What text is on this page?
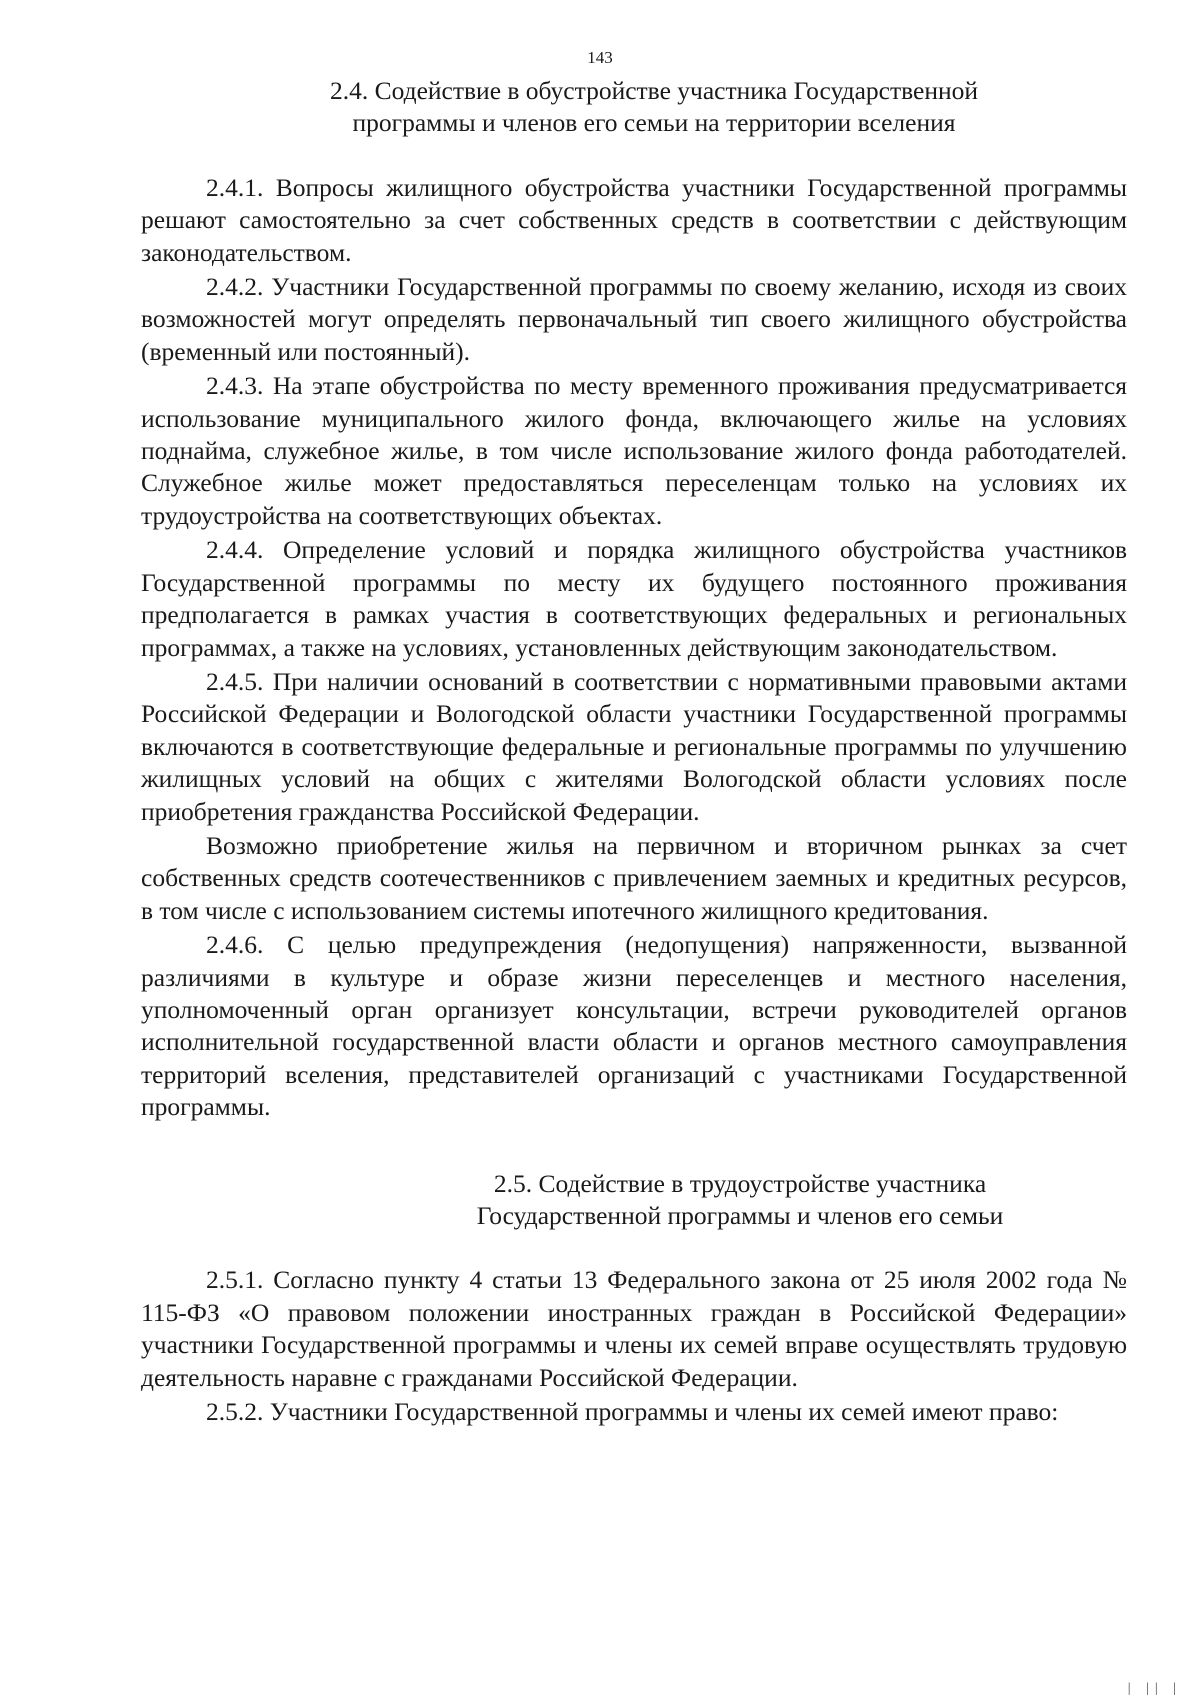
143
2.4. Содействие в обустройстве участника Государственной
программы и членов его семьи на территории вселения

2.4.1. Вопросы жилищного обустройства участники Государственной программы решают самостоятельно за счет собственных средств в соответствии с действующим законодательством.

2.4.2. Участники Государственной программы по своему желанию, исходя из своих возможностей могут определять первоначальный тип своего жилищного обустройства (временный или постоянный).

2.4.3. На этапе обустройства по месту временного проживания предусматривается использование муниципального жилого фонда, включающего жилье на условиях поднайма, служебное жилье, в том числе использование жилого фонда работодателей. Служебное жилье может предоставляться переселенцам только на условиях их трудоустройства на соответствующих объектах.

2.4.4. Определение условий и порядка жилищного обустройства участников Государственной программы по месту их будущего постоянного проживания предполагается в рамках участия в соответствующих федеральных и региональных программах, а также на условиях, установленных действующим законодательством.

2.4.5. При наличии оснований в соответствии с нормативными правовыми актами Российской Федерации и Вологодской области участники Государственной программы включаются в соответствующие федеральные и региональные программы по улучшению жилищных условий на общих с жителями Вологодской области условиях после приобретения гражданства Российской Федерации.

Возможно приобретение жилья на первичном и вторичном рынках за счет собственных средств соотечественников с привлечением заемных и кредитных ресурсов, в том числе с использованием системы ипотечного жилищного кредитования.

2.4.6. С целью предупреждения (недопущения) напряженности, вызванной различиями в культуре и образе жизни переселенцев и местного населения, уполномоченный орган организует консультации, встречи руководителей органов исполнительной государственной власти области и органов местного самоуправления территорий вселения, представителей организаций с участниками Государственной программы.

2.5. Содействие в трудоустройстве участника
Государственной программы и членов его семьи

2.5.1. Согласно пункту 4 статьи 13 Федерального закона от 25 июля 2002 года № 115-ФЗ «О правовом положении иностранных граждан в Российской Федерации» участники Государственной программы и члены их семей вправе осуществлять трудовую деятельность наравне с гражданами Российской Федерации.

2.5.2. Участники Государственной программы и члены их семей имеют право:

| || |
